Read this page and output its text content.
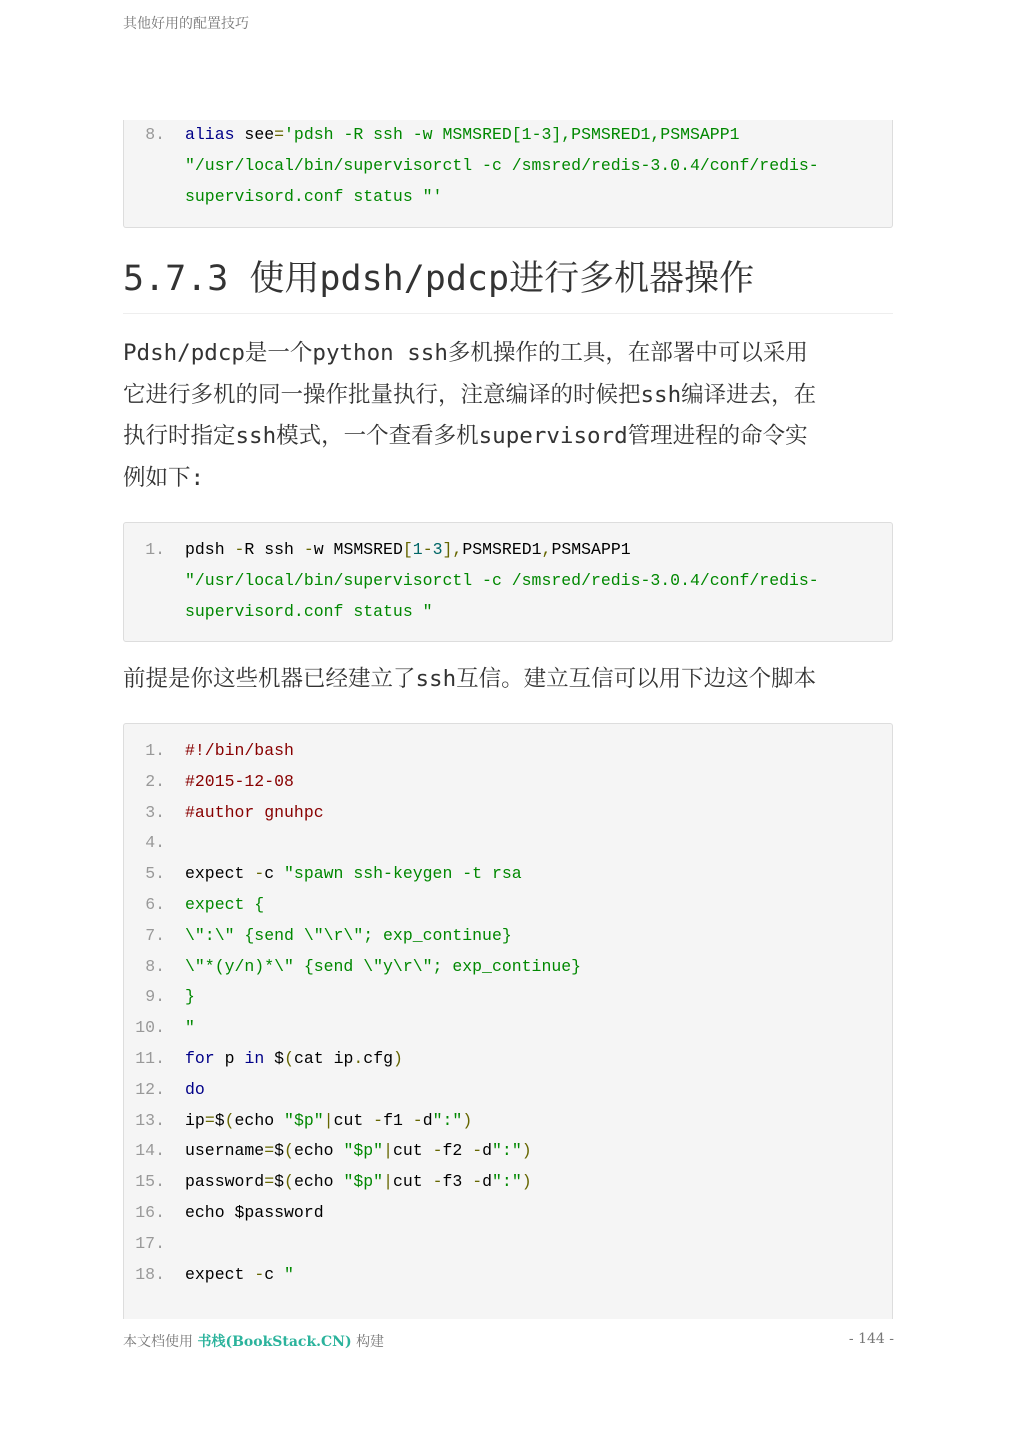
其他好用的配置技巧
8. alias see='pdsh -R ssh -w MSMSRED[1-3],PSMSRED1,PSMSAPP1
"/usr/local/bin/supervisorctl -c /smsred/redis-3.0.4/conf/redis-
supervisord.conf status "'
5.7.3 使用pdsh/pdcp进行多机器操作
Pdsh/pdcp是一个python ssh多机操作的工具，在部署中可以采用
它进行多机的同一操作批量执行，注意编译的时候把ssh编译进去，在
执行时指定ssh模式，一个查看多机supervisord管理进程的命令实
例如下:
1. pdsh -R ssh -w MSMSRED[1-3],PSMSRED1,PSMSAPP1
"/usr/local/bin/supervisorctl -c /smsred/redis-3.0.4/conf/redis-
supervisord.conf status "
前提是你这些机器已经建立了ssh互信。建立互信可以用下边这个脚本
1. #!/bin/bash
2. #2015-12-08
3. #author gnuhpc
4.
5. expect -c "spawn ssh-keygen -t rsa
6. expect {
7. \":\" {send \"\r\"; exp_continue}
8. \"*(y/n)*\" {send \"y\r\"; exp_continue}
9. }
10. "
11. for p in $(cat ip.cfg)
12. do
13. ip=$(echo "$p"|cut -f1 -d":")
14. username=$(echo "$p"|cut -f2 -d":")
15. password=$(echo "$p"|cut -f3 -d":")
16. echo $password
17.
18. expect -c "
本文档使用 书栈(BookStack.CN) 构建	- 144 -
